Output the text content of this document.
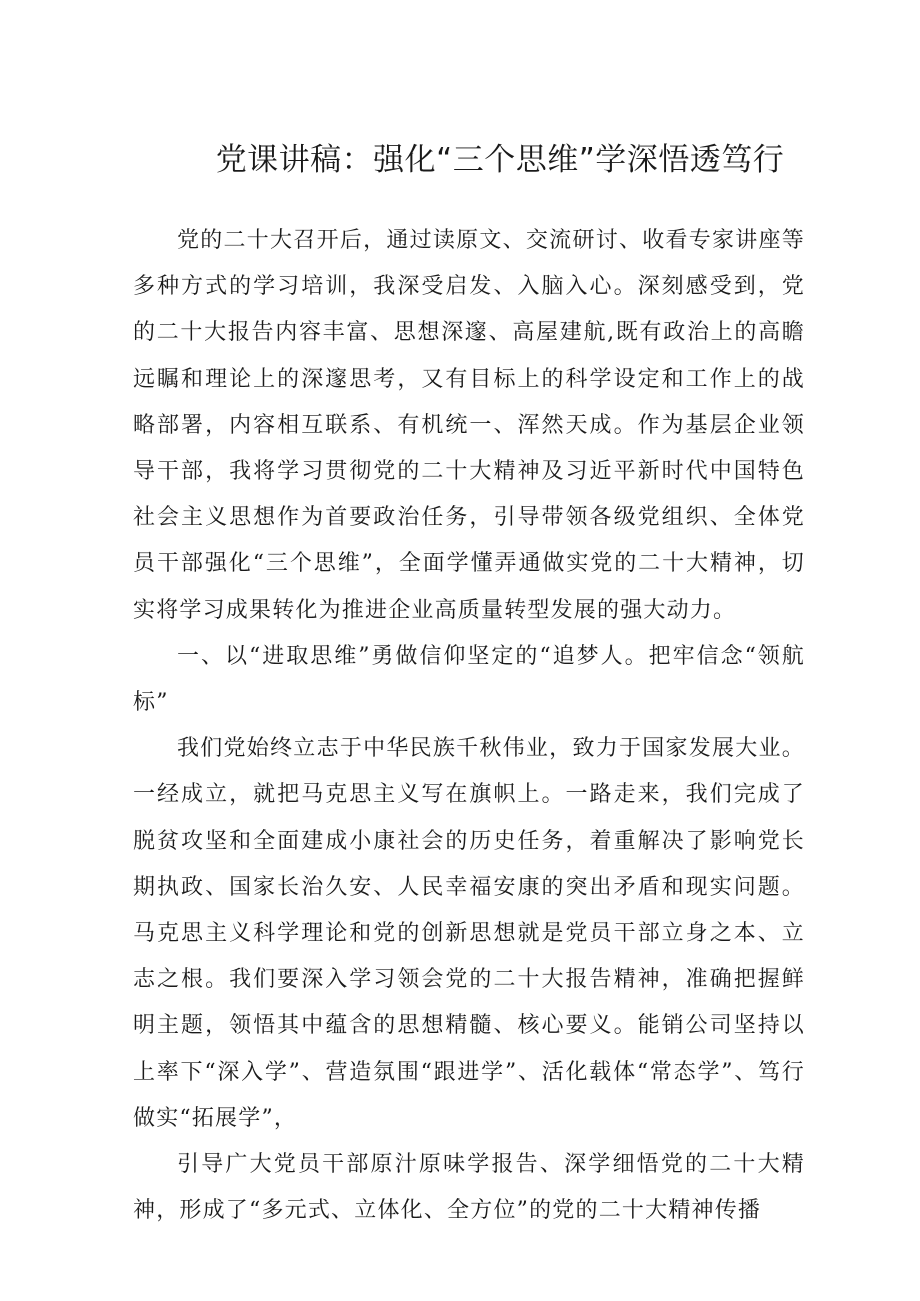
党课讲稿：强化“三个思维”学深悟透笃行

党的二十大召开后，通过读原文、交流研讨、收看专家讲座等多种方式的学习培训，我深受启发、入脑入心。深刻感受到，党的二十大报告内容丰富、思想深邃、高屋建航,既有政治上的高瞻远瞩和理论上的深邃思考，又有目标上的科学设定和工作上的战略部署，内容相互联系、有机统一、浑然天成。作为基层企业领导干部，我将学习贯彻党的二十大精神及习近平新时代中国特色社会主义思想作为首要政治任务，引导带领各级党组织、全体党员干部强化“三个思维”，全面学懂弄通做实党的二十大精神，切实将学习成果转化为推进企业高质量转型发展的强大动力。

一、以“进取思维”勇做信仰坚定的“追梦人。把牢信念“领航标”

我们党始终立志于中华民族千秋伟业，致力于国家发展大业。一经成立，就把马克思主义写在旗帜上。一路走来，我们完成了脱贫攻坚和全面建成小康社会的历史任务，着重解决了影响党长期执政、国家长治久安、人民幸福安康的突出矛盾和现实问题。马克思主义科学理论和党的创新思想就是党员干部立身之本、立志之根。我们要深入学习领会党的二十大报告精神，准确把握鲜明主题，领悟其中蕴含的思想精髓、核心要义。能销公司坚持以上率下“深入学”、营造氛围“跟进学”、活化载体“常态学”、笃行做实“拓展学”，

引导广大党员干部原汁原味学报告、深学细悟党的二十大精神，形成了“多元式、立体化、全方位”的党的二十大精神传播
